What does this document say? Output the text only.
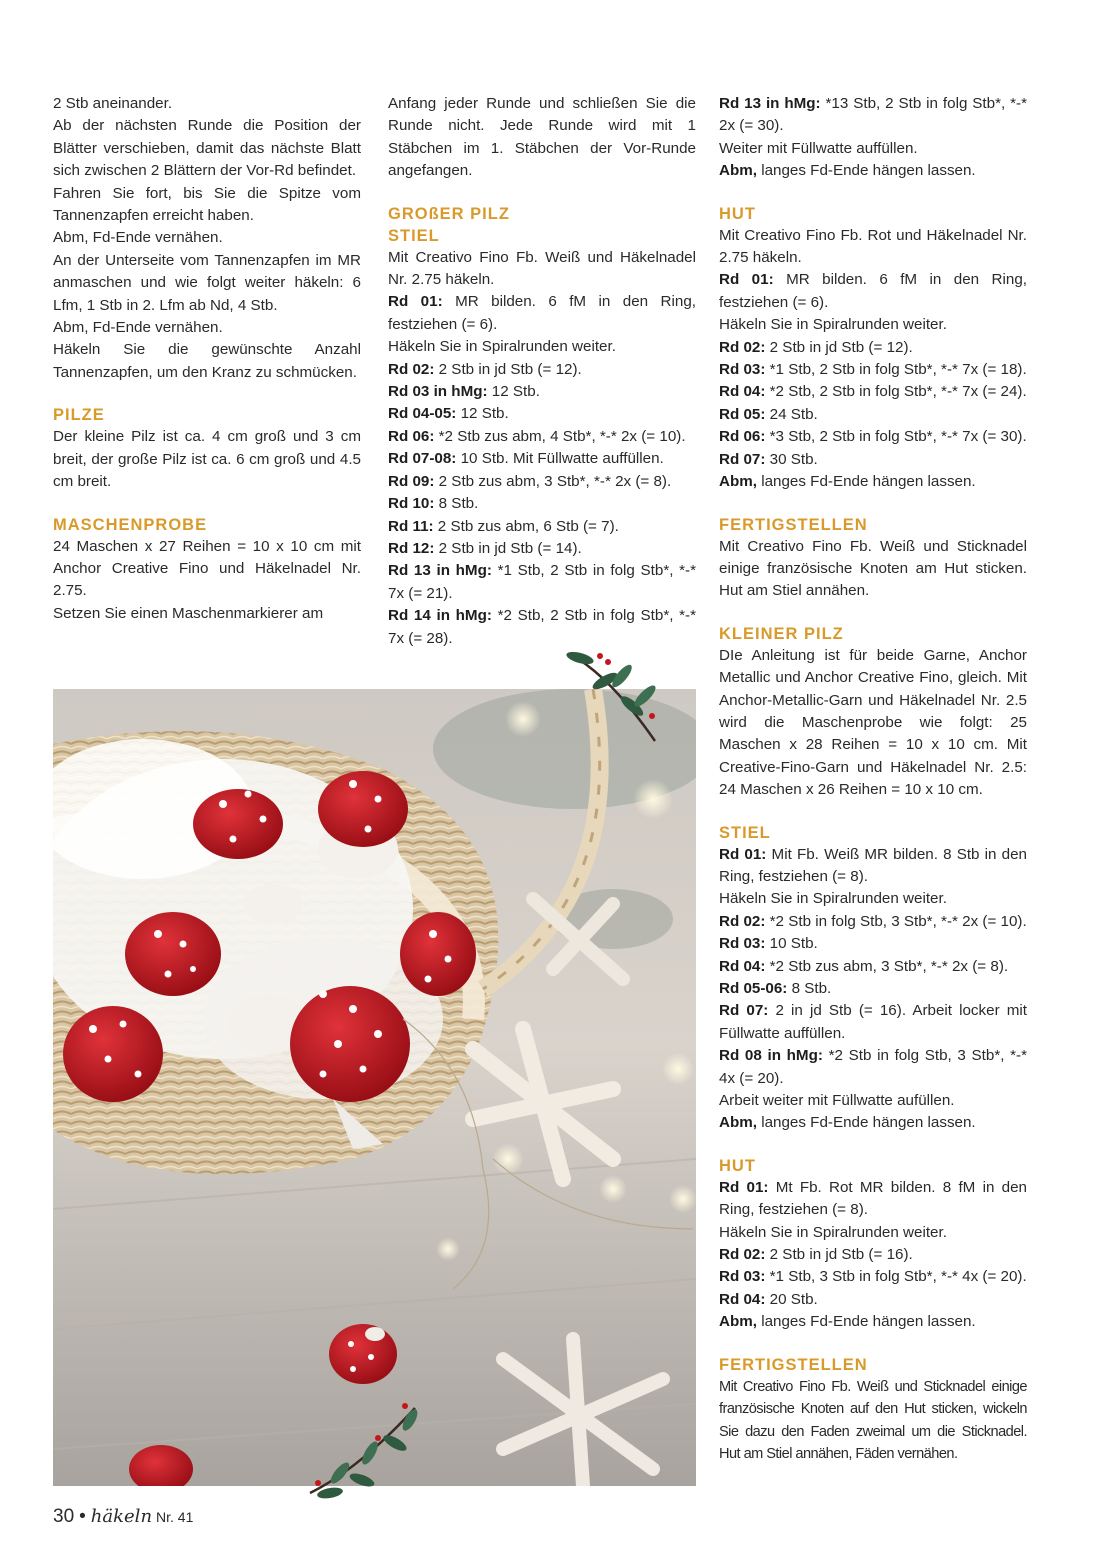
2 Stb aneinander.

Ab der nächsten Runde die Position der Blätter verschieben, damit das nächste Blatt sich zwischen 2 Blättern der Vor-Rd befindet.

Fahren Sie fort, bis Sie die Spitze vom Tannenzapfen erreicht haben.

Abm, Fd-Ende vernähen.

An der Unterseite vom Tannenzapfen im MR anmaschen und wie folgt weiter häkeln: 6 Lfm, 1 Stb in 2. Lfm ab Nd, 4 Stb.

Abm, Fd-Ende vernähen.

Häkeln Sie die gewünschte Anzahl Tannenzapfen, um den Kranz zu schmücken.

PILZE

Der kleine Pilz ist ca. 4 cm groß und 3 cm breit, der große Pilz ist ca. 6 cm groß und 4.5 cm breit.

MASCHENPROBE

24 Maschen x 27 Reihen = 10 x 10 cm mit Anchor Creative Fino und Häkelnadel Nr. 2.75.

Setzen Sie einen Maschenmarkierer am

Anfang jeder Runde und schließen Sie die Runde nicht. Jede Runde wird mit 1 Stäbchen im 1. Stäbchen der Vor-Runde angefangen.

GROßER PILZ
STIEL

Mit Creativo Fino Fb. Weiß und Häkelnadel Nr. 2.75 häkeln.

Rd 01: MR bilden. 6 fM in den Ring, festziehen (= 6).

Häkeln Sie in Spiralrunden weiter.

Rd 02: 2 Stb in jd Stb (= 12).

Rd 03 in hMg: 12 Stb.

Rd 04-05: 12 Stb.

Rd 06: *2 Stb zus abm, 4 Stb*, *-* 2x (= 10).

Rd 07-08: 10 Stb. Mit Füllwatte auffüllen.

Rd 09: 2 Stb zus abm, 3 Stb*, *-* 2x (= 8).

Rd 10: 8 Stb.

Rd 11: 2 Stb zus abm, 6 Stb (= 7).

Rd 12: 2 Stb in jd Stb (= 14).

Rd 13 in hMg: *1 Stb, 2 Stb in folg Stb*, *-* 7x (= 21).

Rd 14 in hMg: *2 Stb, 2 Stb in folg Stb*, *-* 7x (= 28).

Rd 13 in hMg: *13 Stb, 2 Stb in folg Stb*, *-* 2x (= 30).

Weiter mit Füllwatte auffüllen.

Abm, langes Fd-Ende hängen lassen.

HUT

Mit Creativo Fino Fb. Rot und Häkelnadel Nr. 2.75 häkeln.

Rd 01: MR bilden. 6 fM in den Ring, festziehen (= 6).

Häkeln Sie in Spiralrunden weiter.

Rd 02: 2 Stb in jd Stb (= 12).

Rd 03: *1 Stb, 2 Stb in folg Stb*, *-* 7x (= 18).

Rd 04: *2 Stb, 2 Stb in folg Stb*, *-* 7x (= 24).

Rd 05: 24 Stb.

Rd 06: *3 Stb, 2 Stb in folg Stb*, *-* 7x (= 30).

Rd 07: 30 Stb.

Abm, langes Fd-Ende hängen lassen.

FERTIGSTELLEN

Mit Creativo Fino Fb. Weiß und Sticknadel einige französische Knoten am Hut sticken. Hut am Stiel annähen.

KLEINER PILZ

DIe Anleitung ist für beide Garne, Anchor Metallic und Anchor Creative Fino, gleich. Mit Anchor-Metallic-Garn und Häkelnadel Nr. 2.5 wird die Maschenprobe wie folgt: 25 Maschen x 28 Reihen = 10 x 10 cm. Mit Creative-Fino-Garn und Häkelnadel Nr. 2.5: 24 Maschen x 26 Reihen = 10 x 10 cm.

STIEL

Rd 01: Mit Fb. Weiß MR bilden. 8 Stb in den Ring, festziehen (= 8).

Häkeln Sie in Spiralrunden weiter.

Rd 02: *2 Stb in folg Stb, 3 Stb*, *-* 2x (= 10).

Rd 03: 10 Stb.

Rd 04: *2 Stb zus abm, 3 Stb*, *-* 2x (= 8).

Rd 05-06: 8 Stb.

Rd 07: 2 in jd Stb (= 16). Arbeit locker mit Füllwatte auffüllen.

Rd 08 in hMg: *2 Stb in folg Stb, 3 Stb*, *-* 4x (= 20).

Arbeit weiter mit Füllwatte aufüllen.

Abm, langes Fd-Ende hängen lassen.

HUT

Rd 01: Mt Fb. Rot MR bilden. 8 fM in den Ring, festziehen (= 8).

Häkeln Sie in Spiralrunden weiter.

Rd 02: 2 Stb in jd Stb (= 16).

Rd 03: *1 Stb, 3 Stb in folg Stb*, *-* 4x (= 20).

Rd 04: 20 Stb.

Abm, langes Fd-Ende hängen lassen.

FERTIGSTELLEN

Mit Creativo Fino Fb. Weiß und Sticknadel einige französische Knoten auf den Hut sticken, wickeln Sie dazu den Faden zweimal um die Sticknadel. Hut am Stiel annähen, Fäden vernähen.

30 • häkeln Nr. 41
